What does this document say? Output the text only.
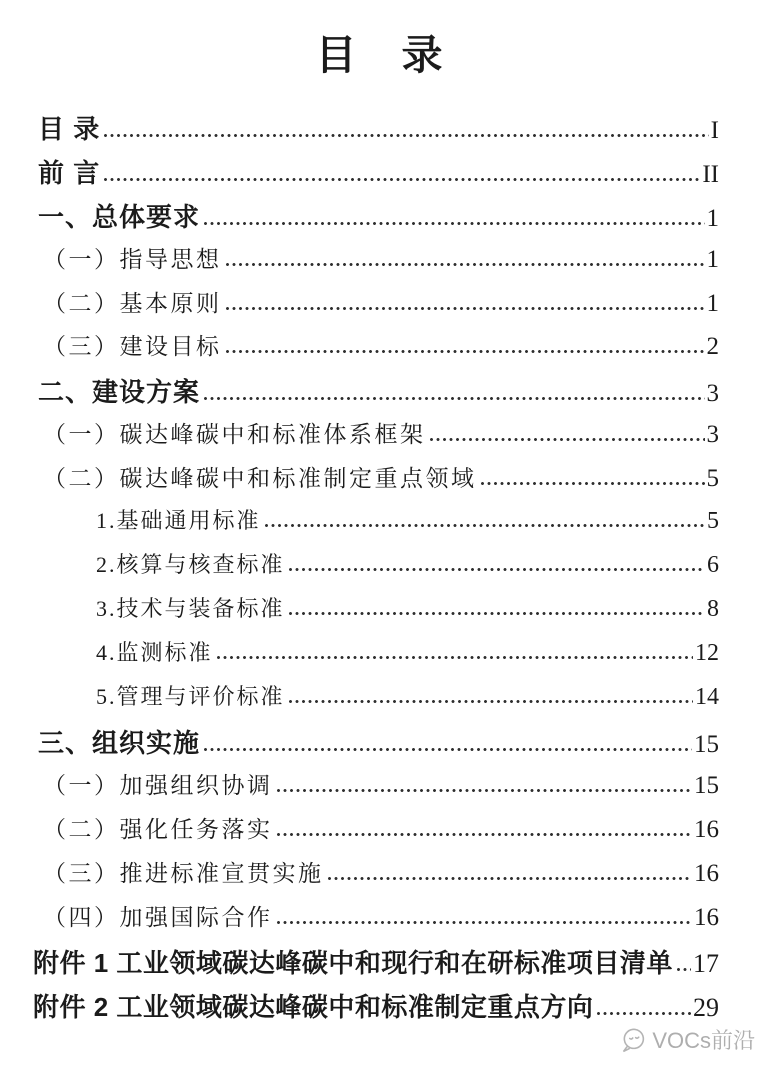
目　录
目 录	I
前 言	II
一、总体要求	1
（一）指导思想	1
（二）基本原则	1
（三）建设目标	2
二、建设方案	3
（一）碳达峰碳中和标准体系框架	3
（二）碳达峰碳中和标准制定重点领域	5
1.基础通用标准	5
2.核算与核查标准	6
3.技术与装备标准	8
4.监测标准	12
5.管理与评价标准	14
三、组织实施	15
（一）加强组织协调	15
（二）强化任务落实	16
（三）推进标准宣贯实施	16
（四）加强国际合作	16
附件 1 工业领域碳达峰碳中和现行和在研标准项目清单 17
附件 2 工业领域碳达峰碳中和标准制定重点方向	29
VOCs前沿
